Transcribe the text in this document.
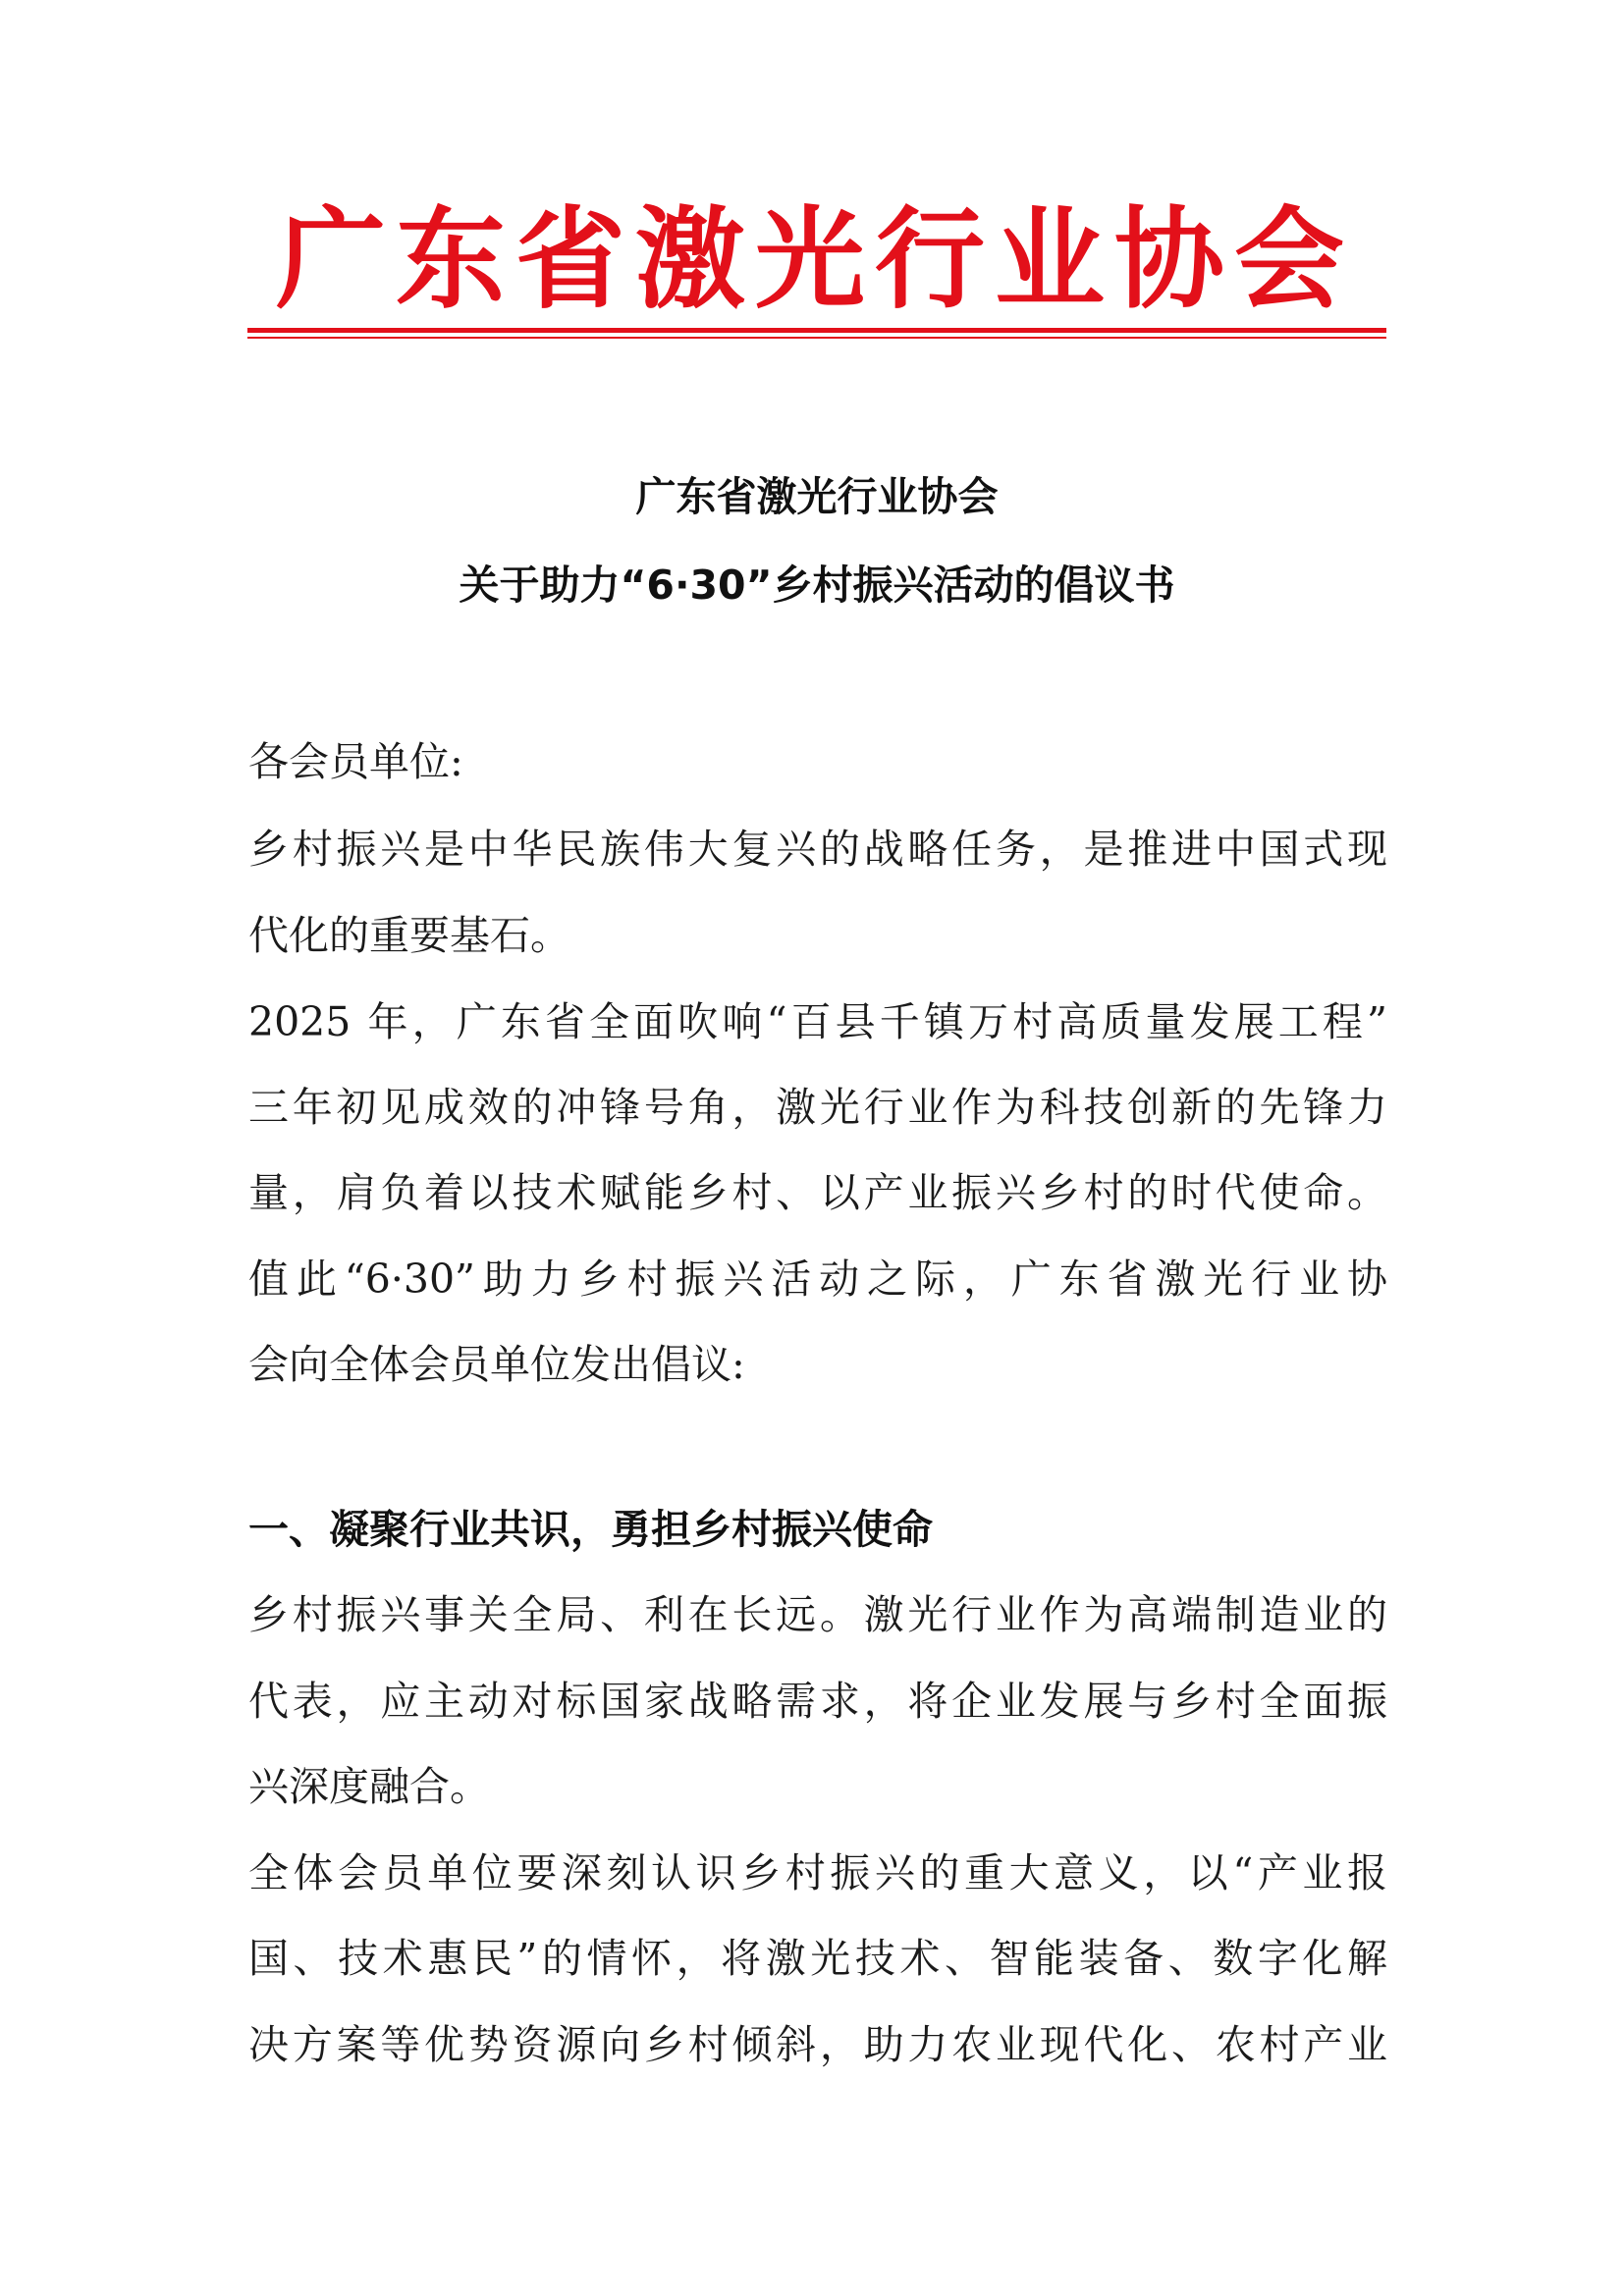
广东省激光行业协会
广东省激光行业协会
关于助力“6·30”乡村振兴活动的倡议书
各会员单位:
乡村振兴是中华民族伟大复兴的战略任务，是推进中国式现
代化的重要基石。
2025 年，广东省全面吹响“百县千镇万村高质量发展工程”
三年初见成效的冲锋号角，激光行业作为科技创新的先锋力
量，肩负着以技术赋能乡村、以产业振兴乡村的时代使命。
值此“6·30”助力乡村振兴活动之际，广东省激光行业协
会向全体会员单位发出倡议:
一、凝聚行业共识，勇担乡村振兴使命
乡村振兴事关全局、利在长远。激光行业作为高端制造业的
代表，应主动对标国家战略需求，将企业发展与乡村全面振
兴深度融合。
全体会员单位要深刻认识乡村振兴的重大意义，以“产业报
国、技术惠民”的情怀，将激光技术、智能装备、数字化解
决方案等优势资源向乡村倾斜，助力农业现代化、农村产业
